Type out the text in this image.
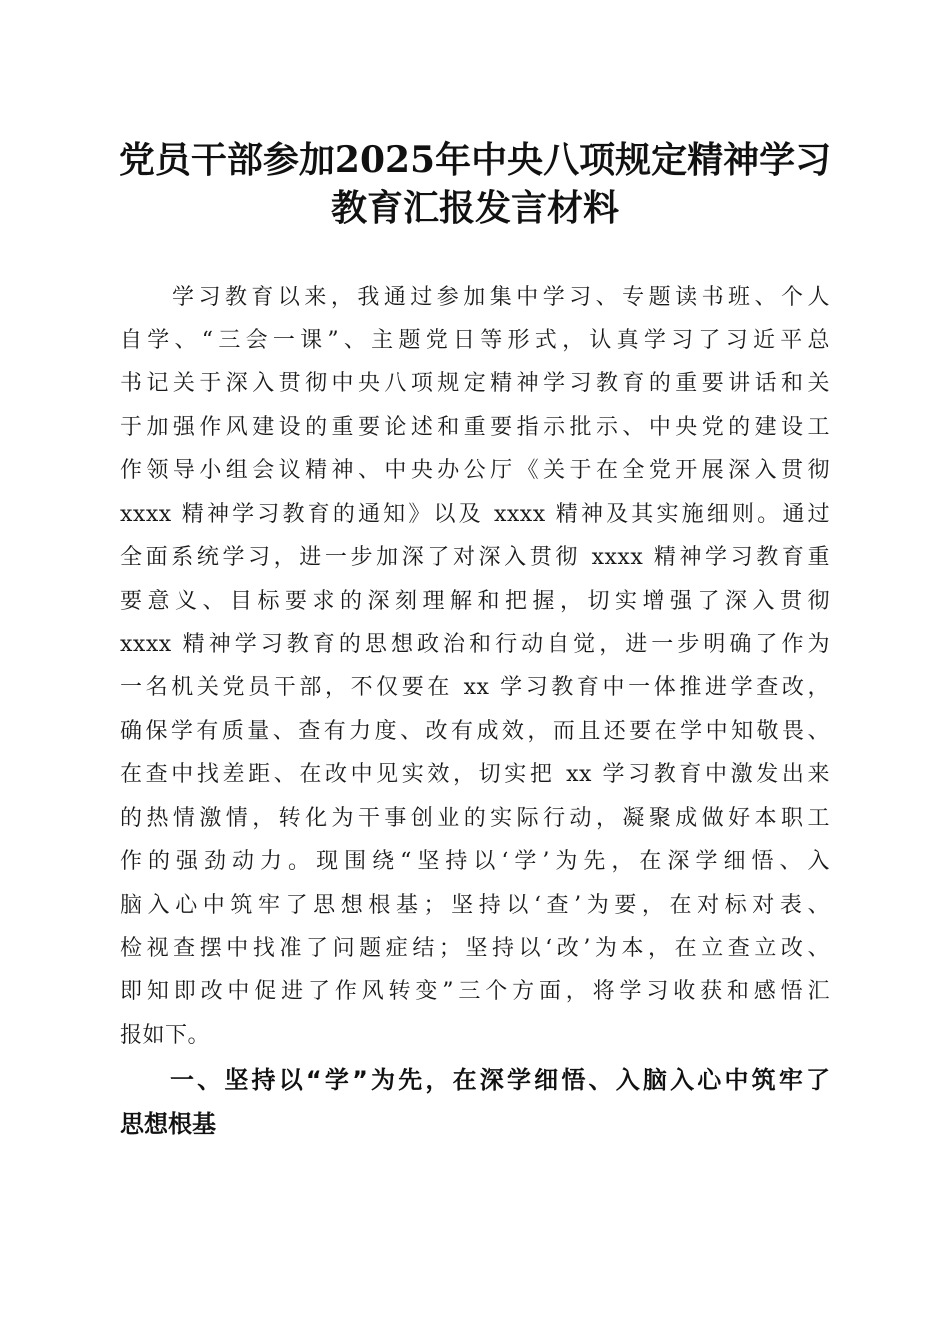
党员干部参加2025年中央八项规定精神学习
教育汇报发言材料
学习教育以来，我通过参加集中学习、专题读书班、个人
自学、“三会一课”、主题党日等形式，认真学习了习近平总
书记关于深入贯彻中央八项规定精神学习教育的重要讲话和关
于加强作风建设的重要论述和重要指示批示、中央党的建设工
作领导小组会议精神、中央办公厅《关于在全党开展深入贯彻
xxxx 精神学习教育的通知》以及 xxxx 精神及其实施细则。通过
全面系统学习，进一步加深了对深入贯彻 xxxx 精神学习教育重
要意义、目标要求的深刻理解和把握，切实增强了深入贯彻
xxxx 精神学习教育的思想政治和行动自觉，进一步明确了作为
一名机关党员干部，不仅要在 xx 学习教育中一体推进学查改，
确保学有质量、查有力度、改有成效，而且还要在学中知敬畏、
在查中找差距、在改中见实效，切实把 xx 学习教育中激发出来
的热情激情，转化为干事创业的实际行动，凝聚成做好本职工
作的强劲动力。现围绕“坚持以‘学’为先，在深学细悟、入
脑入心中筑牢了思想根基；坚持以‘查’为要，在对标对表、
检视查摆中找准了问题症结；坚持以‘改’为本，在立查立改、
即知即改中促进了作风转变”三个方面，将学习收获和感悟汇
报如下。
一、坚持以“学”为先，在深学细悟、入脑入心中筑牢了
思想根基
